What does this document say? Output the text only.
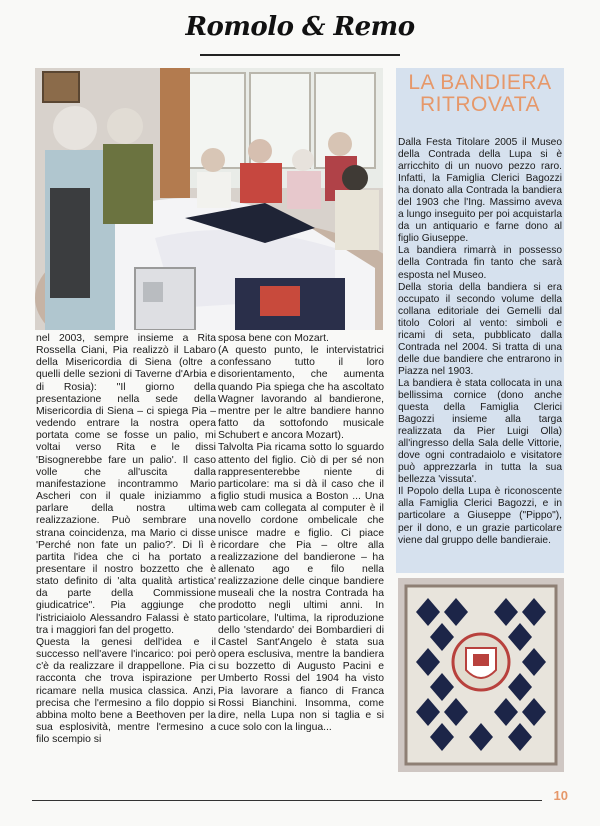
Romolo & Remo

nel 2003, sempre insieme a Rita Rossella Ciani, Pia realizzò il Labaro della Misericordia di Siena (oltre a quelli delle sezioni di Taverne d'Arbia e di Rosia): "Il giorno della presentazione nella sede della Misericordia di Siena – ci spiega Pia – vedendo entrare la nostra opera portata come se fosse un palio, mi voltai verso Rita e le dissi 'Bisognerebbe fare un palio'. Il caso volle che all'uscita dalla manifestazione incontrammo Mario Ascheri con il quale iniziammo a parlare della nostra ultima realizzazione. Può sembrare una strana coincidenza, ma Mario ci disse 'Perché non fate un palio?'. Di lì è partita l'idea che ci ha portato a presentare il nostro bozzetto che è stato definito di 'alta qualità artistica' da parte della Commissione giudicatrice". Pia aggiunge che l'istriciaiolo Alessandro Falassi è stato tra i maggiori fan del progetto.

Questa la genesi dell'idea e il successo nell'avere l'incarico: poi però c'è da realizzare il drappellone. Pia ci racconta che trova ispirazione per ricamare nella musica classica. Anzi, precisa che l'ermesino a filo doppio si abbina molto bene a Beethoven per la sua esplosività, mentre l'ermesino a filo scempio si

sposa bene con Mozart.

(A questo punto, le intervistatrici confessano tutto il loro disorientamento, che aumenta quando Pia spiega che ha ascoltato Wagner lavorando al bandierone, mentre per le altre bandiere hanno fatto da sottofondo musicale Schubert e ancora Mozart).

Talvolta Pia ricama sotto lo sguardo attento del figlio. Ciò di per sé non rappresenterebbe niente di particolare: ma si dà il caso che il figlio studi musica a Boston ... Una web cam collegata al computer è il novello cordone ombelicale che unisce madre e figlio. Ci piace ricordare che Pia – oltre alla realizzazione del bandierone – ha allenato ago e filo nella realizzazione delle cinque bandiere museali che la nostra Contrada ha prodotto negli ultimi anni. In particolare, l'ultima, la riproduzione dello 'stendardo' dei Bombardieri di Castel Sant'Angelo è stata sua opera esclusiva, mentre la bandiera su bozzetto di Augusto Pacini e Umberto Rossi del 1904 ha visto Pia lavorare a fianco di Franca Rossi Bianchini. Insomma, come dire, nella Lupa non si taglia e si cuce solo con la lingua...

LA BANDIERA
RITROVATA

Dalla Festa Titolare 2005 il Museo della Contrada della Lupa si è arricchito di un nuovo pezzo raro. Infatti, la Famiglia Clerici Bagozzi ha donato alla Contrada la bandiera del 1903 che l'Ing. Massimo aveva a lungo inseguito per poi acquistarla da un antiquario e farne dono al figlio Giuseppe.

La bandiera rimarrà in possesso della Contrada fin tanto che sarà esposta nel Museo.

Della storia della bandiera si era occupato il secondo volume della collana editoriale dei Gemelli dal titolo Colori al vento: simboli e ricami di seta, pubblicato dalla Contrada nel 2004. Si tratta di una delle due bandiere che entrarono in Piazza nel 1903.

La bandiera è stata collocata in una bellissima cornice (dono anche questa della Famiglia Clerici Bagozzi insieme alla targa realizzata da Pier Luigi Olla) all'ingresso della Sala delle Vittorie, dove ogni contradaiolo e visitatore può apprezzarla in tutta la sua bellezza 'vissuta'.

Il Popolo della Lupa è riconoscente alla Famiglia Clerici Bagozzi, e in particolare a Giuseppe ("Pippo"), per il dono, e un grazie particolare viene dal gruppo delle bandieraie.

10
